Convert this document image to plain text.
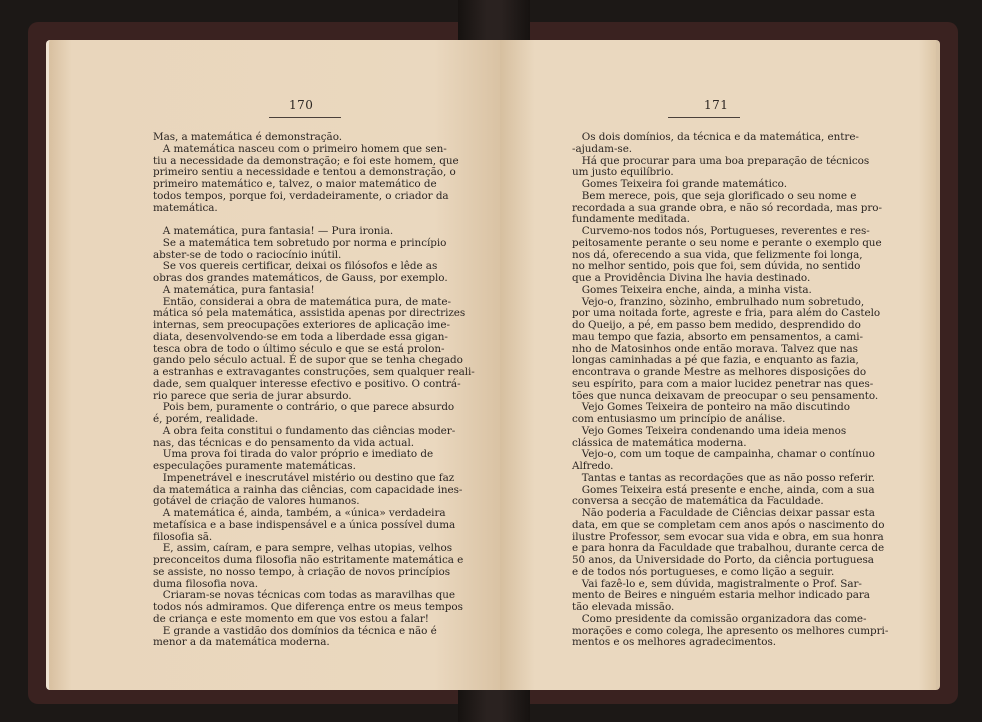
170
Mas, a matemática é demonstração.
A matemática nasceu com o primeiro homem que sen-
tiu a necessidade da demonstração; e foi este homem, que
primeiro sentiu a necessidade e tentou a demonstração, o
primeiro matemático e, talvez, o maior matemático de
todos tempos, porque foi, verdadeiramente, o criador da
matemática.
A matemática, pura fantasia! — Pura ironia.
Se a matemática tem sobretudo por norma e princípio
abster-se de todo o raciocínio inútil.
Se vos quereis certificar, deixai os filósofos e lêde as
obras dos grandes matemáticos, de Gauss, por exemplo.
A matemática, pura fantasia!
Então, considerai a obra de matemática pura, de mate-
mática só pela matemática, assistida apenas por directrizes
internas, sem preocupações exteriores de aplicação ime-
diata, desenvolvendo-se em toda a liberdade essa gigan-
tesca obra de todo o último século e que se está prolon-
gando pelo século actual. É de supor que se tenha chegado
a estranhas e extravagantes construções, sem qualquer reali-
dade, sem qualquer interesse efectivo e positivo. O contrá-
rio parece que seria de jurar absurdo.
Pois bem, puramente o contrário, o que parece absurdo
é, porém, realidade.
A obra feita constitui o fundamento das ciências moder-
nas, das técnicas e do pensamento da vida actual.
Uma prova foi tirada do valor próprio e imediato de
especulações puramente matemáticas.
Impenetrável e inescrutável mistério ou destino que faz
da matemática a rainha das ciências, com capacidade ines-
gotável de criação de valores humanos.
A matemática é, ainda, também, a «única» verdadeira
metafísica e a base indispensável e a única possível duma
filosofia sã.
E, assim, caíram, e para sempre, velhas utopias, velhos
preconceitos duma filosofia não estritamente matemática e
se assiste, no nosso tempo, à criação de novos princípios
duma filosofia nova.
Criaram-se novas técnicas com todas as maravilhas que
todos nós admiramos. Que diferença entre os meus tempos
de criança e este momento em que vos estou a falar!
E grande a vastidão dos domínios da técnica e não é
menor a da matemática moderna.
171
Os dois domínios, da técnica e da matemática, entre-
-ajudam-se.
Há que procurar para uma boa preparação de técnicos
um justo equilíbrio.
Gomes Teixeira foi grande matemático.
Bem merece, pois, que seja glorificado o seu nome e
recordada a sua grande obra, e não só recordada, mas pro-
fundamente meditada.
Curvemo-nos todos nós, Portugueses, reverentes e res-
peitosamente perante o seu nome e perante o exemplo que
nos dá, oferecendo a sua vida, que felizmente foi longa,
no melhor sentido, pois que foi, sem dúvida, no sentido
que a Providência Divina lhe havia destinado.
Gomes Teixeira enche, ainda, a minha vista.
Vejo-o, franzino, sòzinho, embrulhado num sobretudo,
por uma noitada forte, agreste e fria, para além do Castelo
do Queijo, a pé, em passo bem medido, desprendido do
mau tempo que fazia, absorto em pensamentos, a cami-
nho de Matosinhos onde então morava. Talvez que nas
longas caminhadas a pé que fazia, e enquanto as fazia,
encontrava o grande Mestre as melhores disposições do
seu espírito, para com a maior lucidez penetrar nas ques-
tões que nunca deixavam de preocupar o seu pensamento.
Vejo Gomes Teixeira de ponteiro na mão discutindo
com entusiasmo um princípio de análise.
Vejo Gomes Teixeira condenando uma ideia menos
clássica de matemática moderna.
Vejo-o, com um toque de campainha, chamar o contínuo
Alfredo.
Tantas e tantas as recordações que as não posso referir.
Gomes Teixeira está presente e enche, ainda, com a sua
conversa a secção de matemática da Faculdade.
Não poderia a Faculdade de Ciências deixar passar esta
data, em que se completam cem anos após o nascimento do
ilustre Professor, sem evocar sua vida e obra, em sua honra
e para honra da Faculdade que trabalhou, durante cerca de
50 anos, da Universidade do Porto, da ciência portuguesa
e de todos nós portugueses, e como lição a seguir.
Vai fazê-lo e, sem dúvida, magistralmente o Prof. Sar-
mento de Beires e ninguém estaria melhor indicado para
tão elevada missão.
Como presidente da comissão organizadora das come-
morações e como colega, lhe apresento os melhores cumpri-
mentos e os melhores agradecimentos.
